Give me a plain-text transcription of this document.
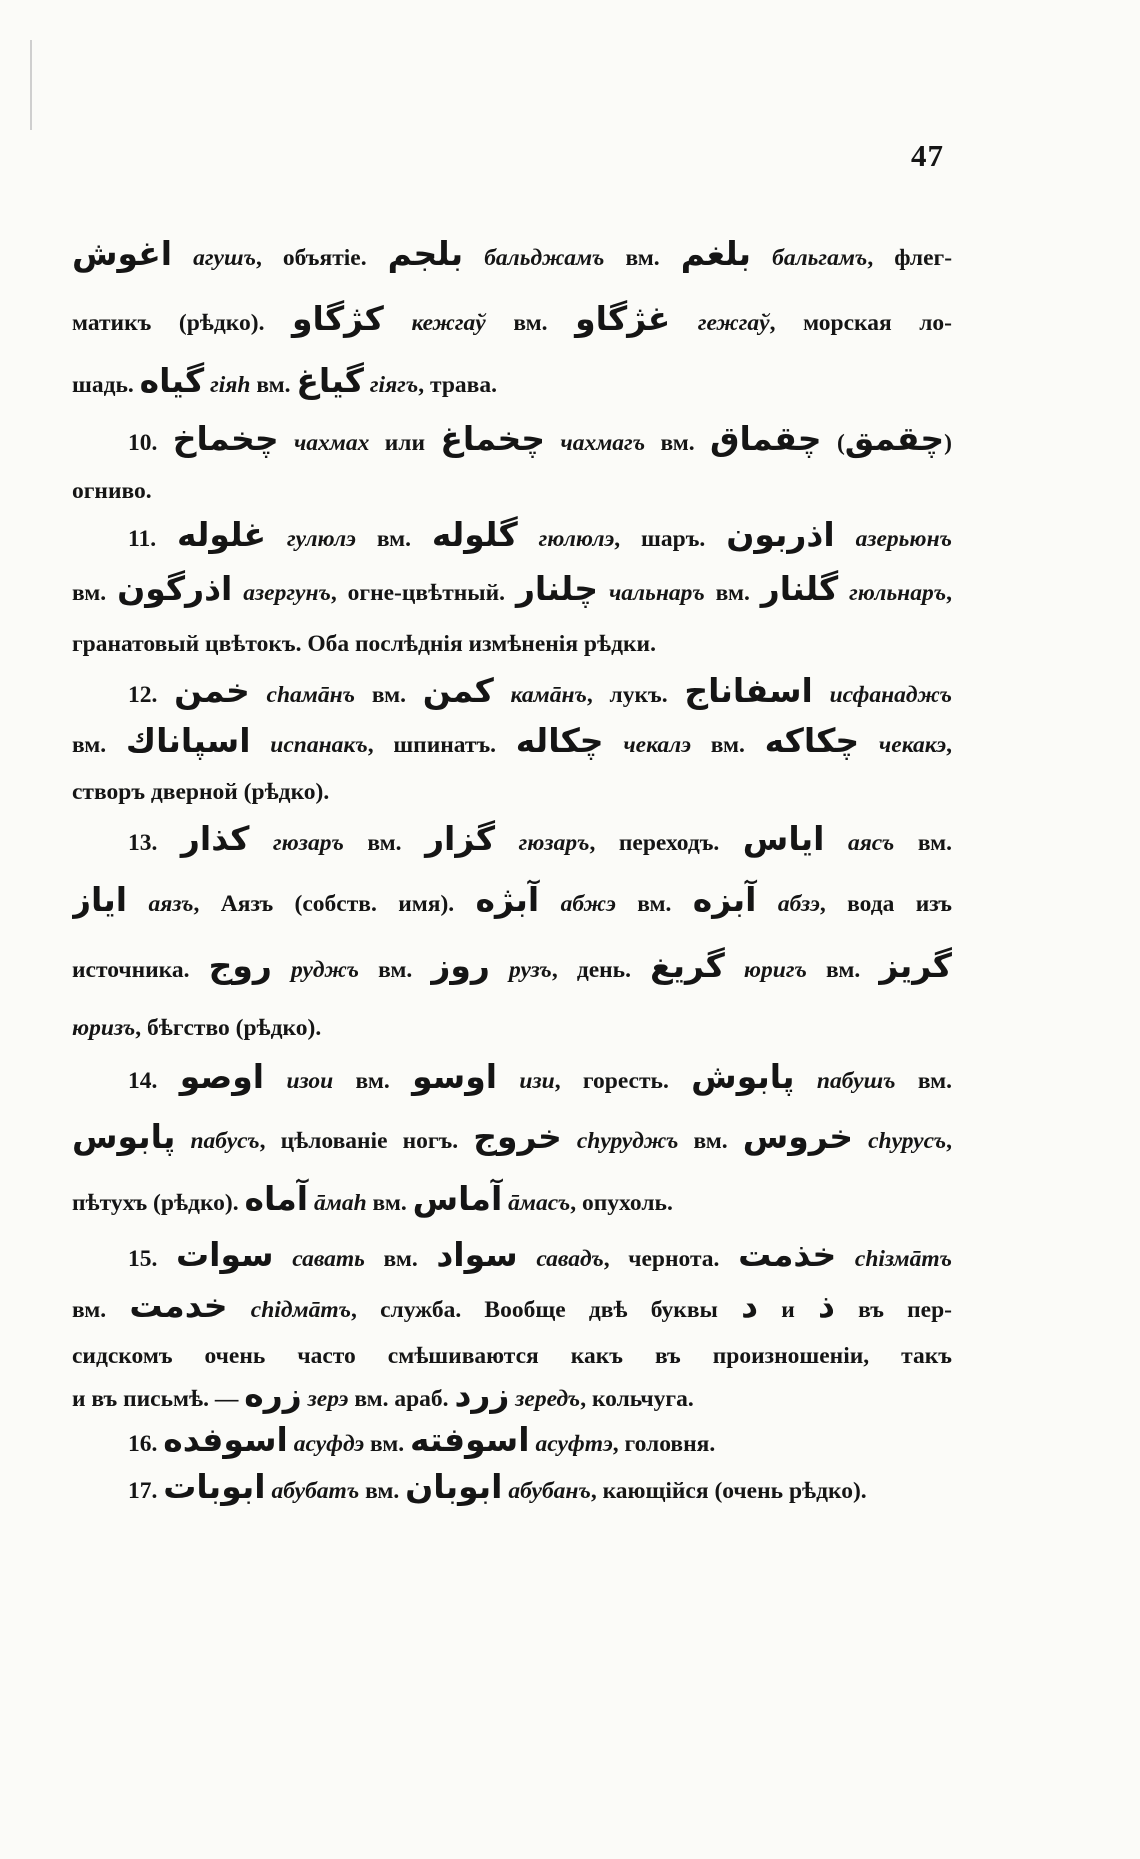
47
اغوش агушъ, объятіе. بلجم бальджамъ вм. بلغم бальгамъ, флег-
матикъ (рѣдко). کژگاو кежгаў вм. غژگاو гежгаў, морская ло-
шадь. گیاه гіяh вм. گیاغ гіягъ, трава.
10. چخماخ чахмах или چخماغ чахмагъ вм. چقماق (چقمق)
огниво.
11. غلوله гулюлэ вм. گلوله гюлюлэ, шаръ. اذربون азерьюнъ
вм. اذرگون азергунъ, огне-цвѣтный. چلنار чальнаръ вм. گلنار гюльнаръ,
гранатовый цвѣтокъ. Оба послѣднія измѣненія рѣдки.
12. خمن сhамāнъ вм. کمن камāнъ, лукъ. اسفاناج исфанаджъ
вм. اسپاناك испанакъ, шпинатъ. چکاله чекалэ вм. چکاکه чекакэ,
створъ дверной (рѣдко).
13. كذار гюзаръ вм. گزار гюзаръ, переходъ. اياس аясъ вм.
اياز аязъ, Аязъ (собств. имя). آبژه абжэ вм. آبزه абзэ, вода изъ
источника. روج руджъ вм. روز рузъ, день. گریغ юригъ вм. گریز
юризъ, бѣгство (рѣдко).
14. اوصو изои вм. اوسو изи, горесть. پابوش пабушъ вм.
پابوس пабусъ, цѣлованіе ногъ. خروج сhуруджъ вм. خروس сhурусъ,
пѣтухъ (рѣдко). آماه āмаh вм. آماس āмасъ, опухоль.
15. سوات савать вм. سواد савадъ, чернота. خذمت сhізмāтъ
вм. خدمت сhідмāтъ, служба. Вообще двѣ буквы د и ذ въ пер-
сидскомъ очень часто смѣшиваются какъ въ произношеніи, такъ
и въ письмѣ. — زره зерэ вм. араб. زرد зередъ, кольчуга.
16. اسوفده асуфдэ вм. اسوفته асуфтэ, головня.
17. ابوبات абубатъ вм. ابوبان абубанъ, кающійся (очень рѣдко).
